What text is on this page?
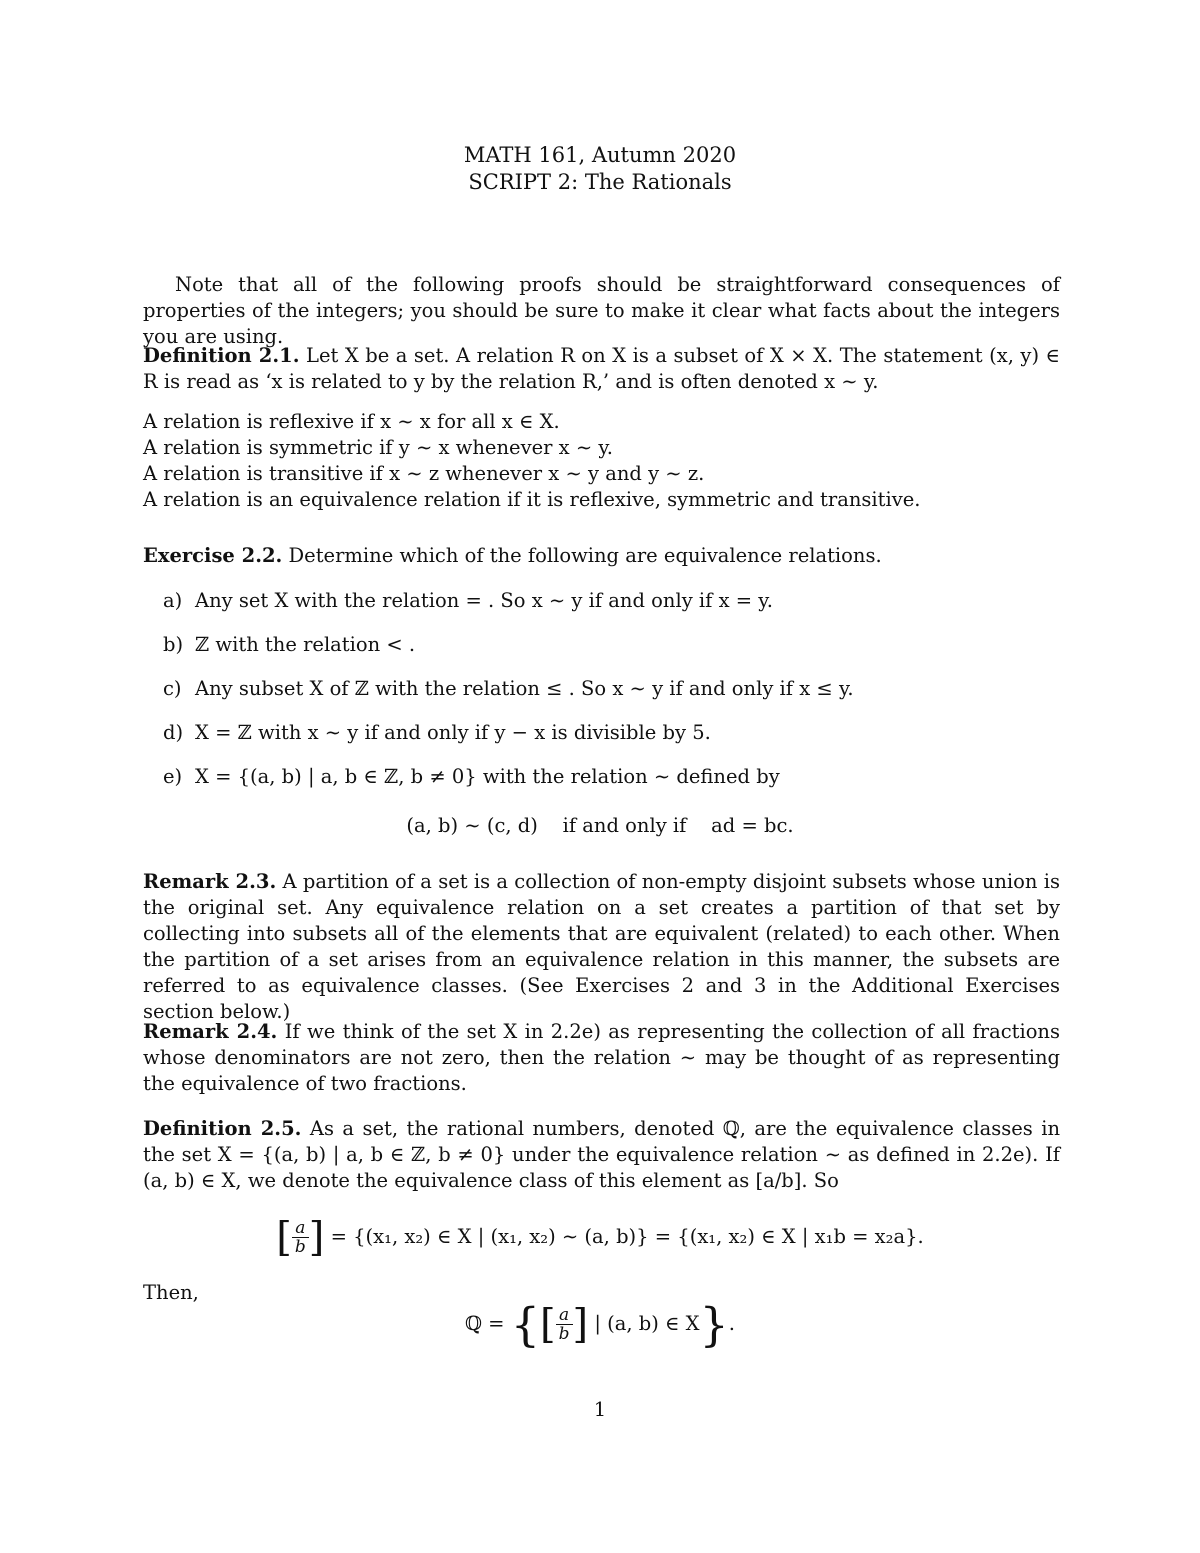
MATH 161, Autumn 2020
SCRIPT 2: The Rationals
Note that all of the following proofs should be straightforward consequences of properties of the integers; you should be sure to make it clear what facts about the integers you are using.
Definition 2.1. Let X be a set. A relation R on X is a subset of X × X. The statement (x, y) ∈ R is read as ‘x is related to y by the relation R,’ and is often denoted x ∼ y.
A relation is reflexive if x ∼ x for all x ∈ X.
A relation is symmetric if y ∼ x whenever x ∼ y.
A relation is transitive if x ∼ z whenever x ∼ y and y ∼ z.
A relation is an equivalence relation if it is reflexive, symmetric and transitive.
Exercise 2.2. Determine which of the following are equivalence relations.
a) Any set X with the relation = . So x ∼ y if and only if x = y.
b) ℤ with the relation < .
c) Any subset X of ℤ with the relation ≤ . So x ∼ y if and only if x ≤ y.
d) X = ℤ with x ∼ y if and only if y − x is divisible by 5.
e) X = {(a, b) | a, b ∈ ℤ, b ≠ 0} with the relation ∼ defined by
(a, b) ∼ (c, d)    if and only if    ad = bc.
Remark 2.3. A partition of a set is a collection of non-empty disjoint subsets whose union is the original set. Any equivalence relation on a set creates a partition of that set by collecting into subsets all of the elements that are equivalent (related) to each other. When the partition of a set arises from an equivalence relation in this manner, the subsets are referred to as equivalence classes. (See Exercises 2 and 3 in the Additional Exercises section below.)
Remark 2.4. If we think of the set X in 2.2e) as representing the collection of all fractions whose denominators are not zero, then the relation ∼ may be thought of as representing the equivalence of two fractions.
Definition 2.5. As a set, the rational numbers, denoted ℚ, are the equivalence classes in the set X = {(a, b) | a, b ∈ ℤ, b ≠ 0} under the equivalence relation ∼ as defined in 2.2e). If (a, b) ∈ X, we denote the equivalence class of this element as [a/b]. So
[ $\frac{a}{b}$ ] = {(x₁, x₂) ∈ X | (x₁, x₂) ∼ (a, b)} = {(x₁, x₂) ∈ X | x₁b = x₂a}.
Then,
ℚ = {[ $\frac{a}{b}$ ] | (a, b) ∈ X}.
1
